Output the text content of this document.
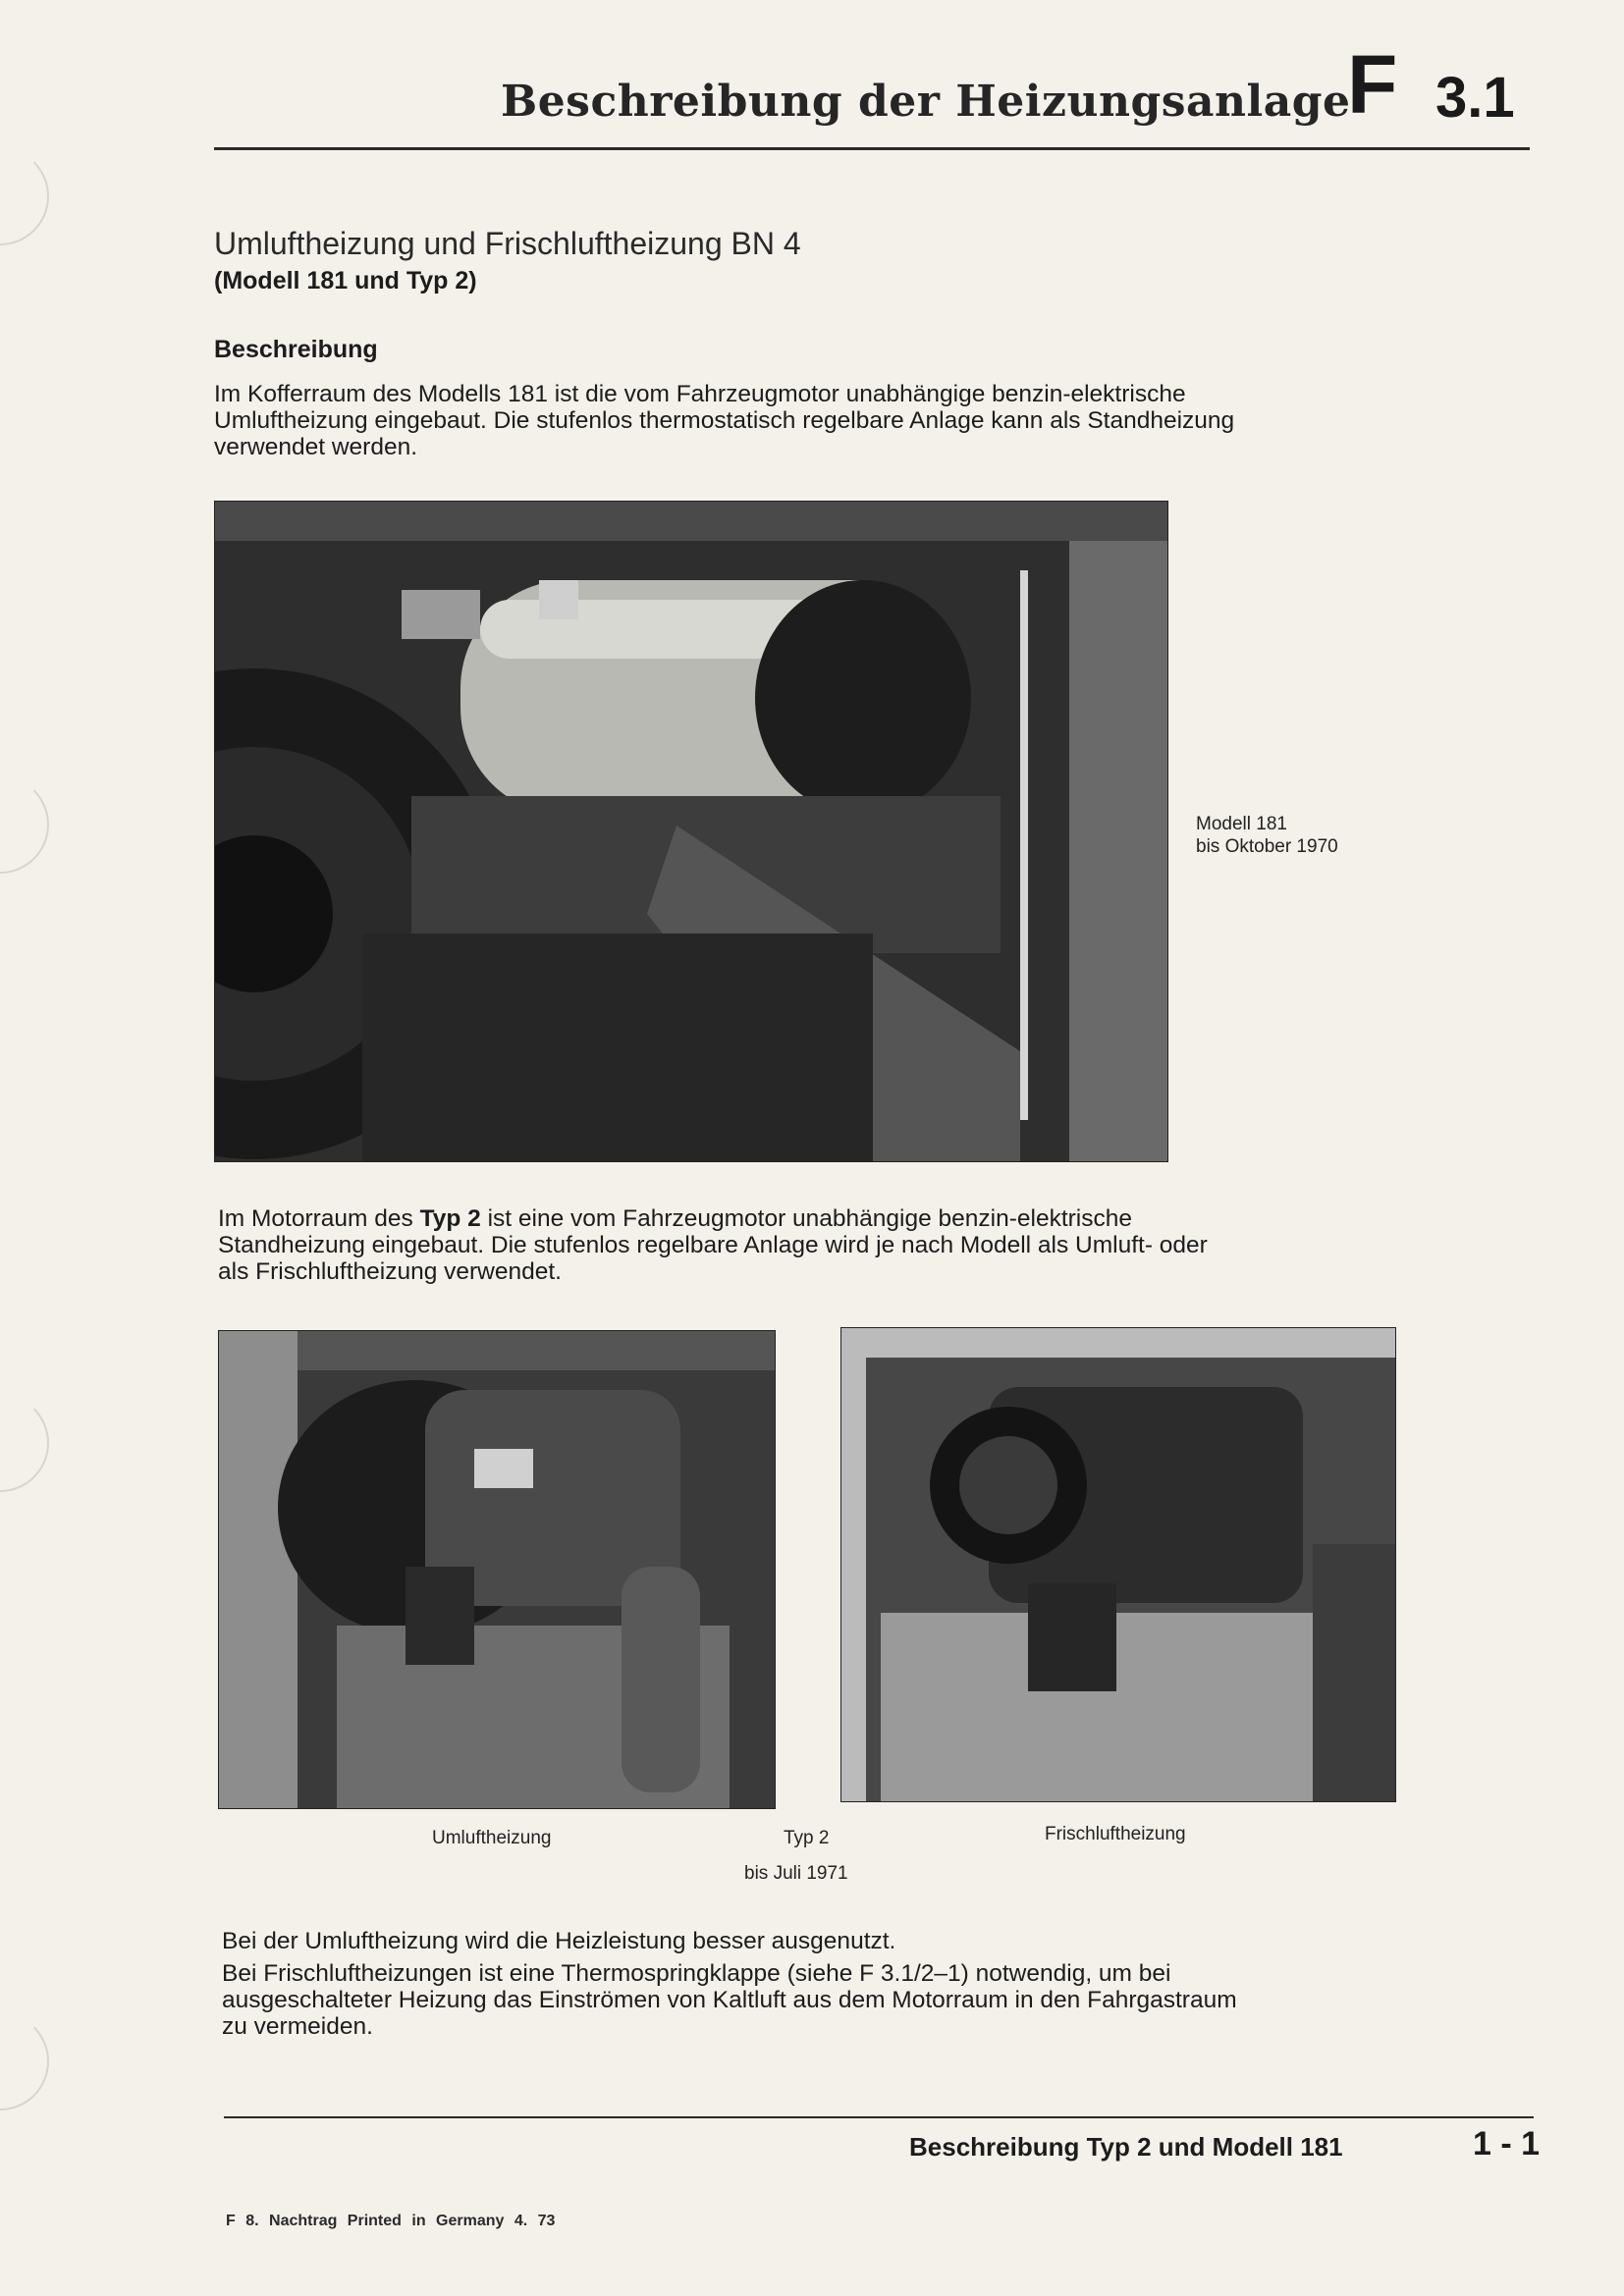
Beschreibung der Heizungsanlage
F 3.1
Umluftheizung und Frischluftheizung BN 4
(Modell 181 und Typ 2)
Beschreibung
Im Kofferraum des Modells 181 ist die vom Fahrzeugmotor unabhängige benzin-elektrische
Umluftheizung eingebaut. Die stufenlos thermostatisch regelbare Anlage kann als Standheizung
verwendet werden.
Modell 181
bis Oktober 1970
Im Motorraum des Typ 2 ist eine vom Fahrzeugmotor unabhängige benzin-elektrische
Standheizung eingebaut. Die stufenlos regelbare Anlage wird je nach Modell als Umluft- oder
als Frischluftheizung verwendet.
Umluftheizung	Typ 2
bis Juli 1971
Frischluftheizung
Bei der Umluftheizung wird die Heizleistung besser ausgenutzt.
Bei Frischluftheizungen ist eine Thermospringklappe (siehe F 3.1/2–1) notwendig, um bei
ausgeschalteter Heizung das Einströmen von Kaltluft aus dem Motorraum in den Fahrgastraum
zu vermeiden.
Beschreibung Typ 2 und Modell 181	1 - 1
F 8. Nachtrag Printed in Germany 4. 73
